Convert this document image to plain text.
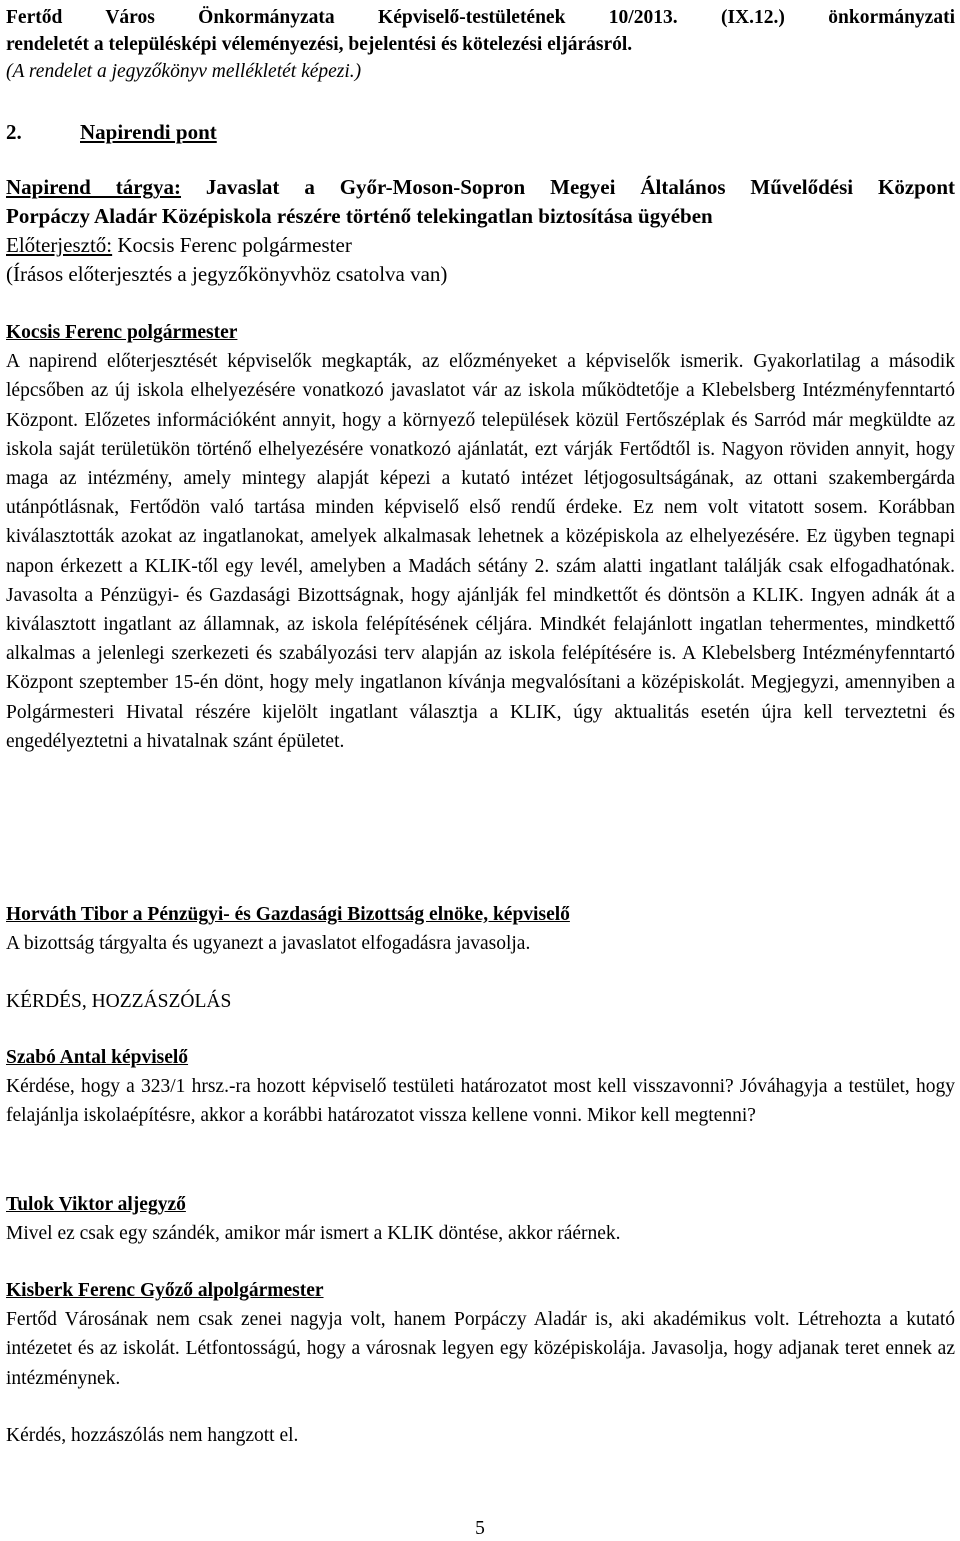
Fertőd Város Önkormányzata Képviselő-testületének 10/2013. (IX.12.) önkormányzati
rendeletét a településképi véleményezési, bejelentési és kötelezési eljárásról.
(A rendelet a jegyzőkönyv mellékletét képezi.)
2.	Napirendi pont
Napirend tárgya: Javaslat a Győr-Moson-Sopron Megyei Általános Művelődési Központ
Porpáczy Aladár Középiskola részére történő telekingatlan biztosítása ügyében
Előterjesztő: Kocsis Ferenc polgármester
(Írásos előterjesztés a jegyzőkönyvhöz csatolva van)
Kocsis Ferenc polgármester
A napirend előterjesztését képviselők megkapták, az előzményeket a képviselők ismerik. Gyakorlatilag a második lépcsőben az új iskola elhelyezésére vonatkozó javaslatot vár az iskola működtetője a Klebelsberg Intézményfenntartó Központ. Előzetes információként annyit, hogy a környező települések közül Fertőszéplak és Sarród már megküldte az iskola saját területükön történő elhelyezésére vonatkozó ajánlatát, ezt várják Fertődtől is. Nagyon röviden annyit, hogy maga az intézmény, amely mintegy alapját képezi a kutató intézet létjogosultságának, az ottani szakembergárda utánpótlásnak, Fertődön való tartása minden képviselő első rendű érdeke. Ez nem volt vitatott sosem. Korábban kiválasztották azokat az ingatlanokat, amelyek alkalmasak lehetnek a középiskola az elhelyezésére. Ez ügyben tegnapi napon érkezett a KLIK-től egy levél, amelyben a Madách sétány 2. szám alatti ingatlant találják csak elfogadhatónak. Javasolta a Pénzügyi- és Gazdasági Bizottságnak, hogy ajánlják fel mindkettőt és döntsön a KLIK. Ingyen adnák át a kiválasztott ingatlant az államnak, az iskola felépítésének céljára. Mindkét felajánlott ingatlan tehermentes, mindkettő alkalmas a jelenlegi szerkezeti és szabályozási terv alapján az iskola felépítésére is. A Klebelsberg Intézményfenntartó Központ szeptember 15-én dönt, hogy mely ingatlanon kívánja megvalósítani a középiskolát. Megjegyzi, amennyiben a Polgármesteri Hivatal részére kijelölt ingatlant választja a KLIK, úgy aktualitás esetén újra kell terveztetni és engedélyeztetni a hivatalnak szánt épületet.
Horváth Tibor a Pénzügyi- és Gazdasági Bizottság elnöke, képviselő
A bizottság tárgyalta és ugyanezt a javaslatot elfogadásra javasolja.
KÉRDÉS, HOZZÁSZÓLÁS
Szabó Antal képviselő
Kérdése, hogy a 323/1 hrsz.-ra hozott képviselő testületi határozatot most kell visszavonni? Jóváhagyja a testület, hogy felajánlja iskolaépítésre, akkor a korábbi határozatot vissza kellene vonni. Mikor kell megtenni?
Tulok Viktor aljegyző
Mivel ez csak egy szándék, amikor már ismert a KLIK döntése, akkor ráérnek.
Kisberk Ferenc Győző alpolgármester
Fertőd Városának nem csak zenei nagyja volt, hanem Porpáczy Aladár is, aki akadémikus volt. Létrehozta a kutató intézetet és az iskolát. Létfontosságú, hogy a városnak legyen egy középiskolája. Javasolja, hogy adjanak teret ennek az intézménynek.
Kérdés, hozzászólás nem hangzott el.
5
